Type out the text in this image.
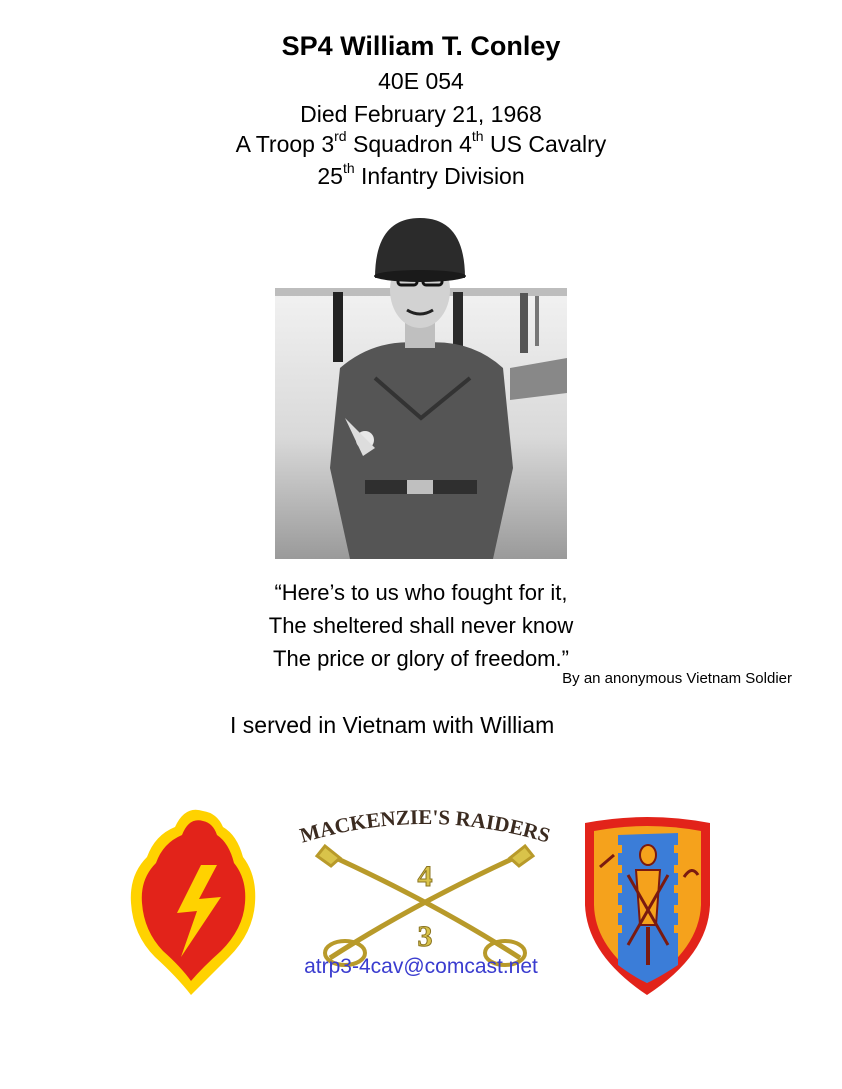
SP4 William T. Conley
40E 054
Died February 21, 1968
A Troop 3rd Squadron 4th US Cavalry
25th Infantry Division
“Here’s to us who fought for it,
The sheltered shall never know
The price or glory of freedom.”
By an anonymous Vietnam Soldier
I served in Vietnam with William
MACKENZIE'S RAIDERS
4
3
atrp3-4cav@comcast.net
